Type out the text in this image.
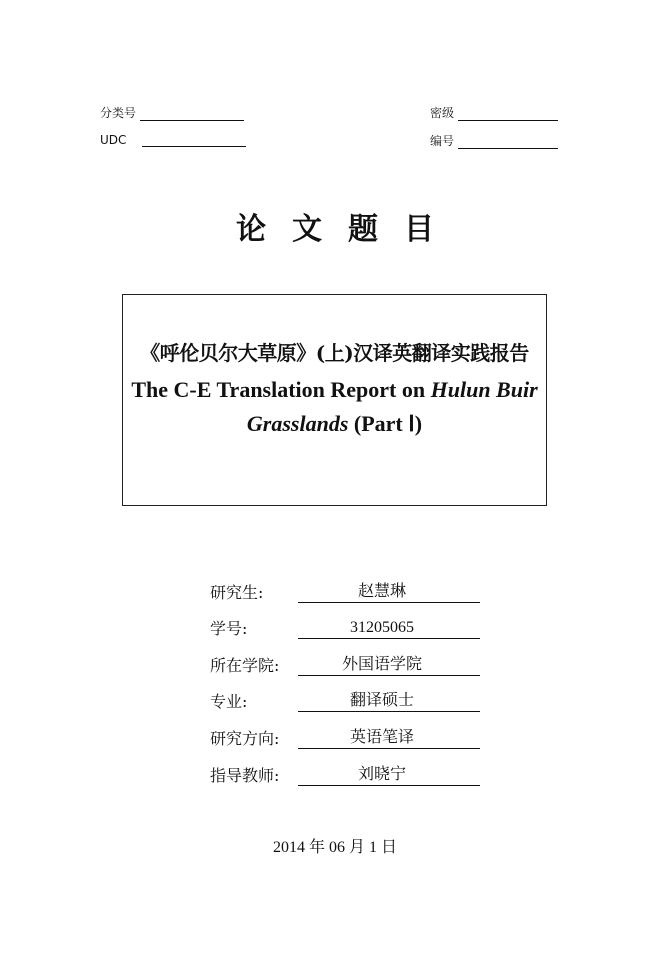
分类号
UDC
密级
编号
论文题目
《呼伦贝尔大草原》(上)汉译英翻译实践报告
The C-E Translation Report on Hulun Buir
Grasslands (Part Ⅰ)
研究生:	赵慧琳
学号:	31205065
所在学院:	外国语学院
专业:	翻译硕士
研究方向:	英语笔译
指导教师:	刘晓宁
2014 年 06 月 1 日
